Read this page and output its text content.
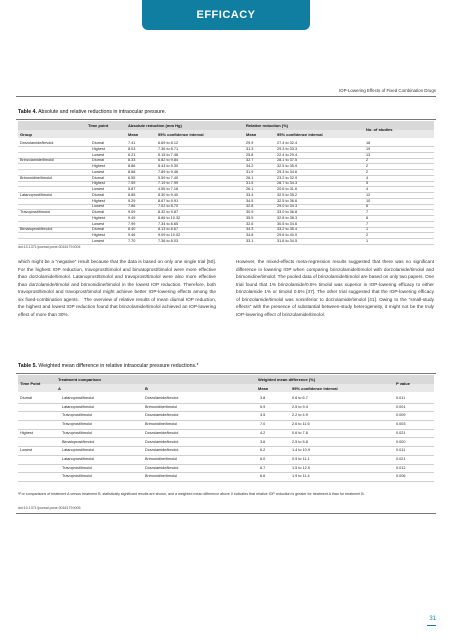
EFFICACY
IOP-Lowering Effects of Fixed Combination Drugs
Table 4. Absolute and relative reductions in intraocular pressure.
Time point	Absolute reduction (mm Hg)	Relative reduction (%)
No. of studies
Group	Mean	95% confidence interval	Mean	95% confidence interval
Dorzolamide/timolol	Diurnal	7.41	6.69 to 8.12	29.9	27.4 to 32.4	18
Highest	8.03	7.36 to 8.71	31.3	29.3 to 33.3	19
Lowest	6.21	5.15 to 7.46	25.8	22.4 to 29.4	13
Brinzolamide/timolol	Diurnal	8.33	6.82 to 9.84	32.7	28.1 to 37.5	2
Highest	8.86	8.43 to 9.30	34.2	32.5 to 35.9	2
Lowest	8.68	7.89 to 9.46	31.9	29.3 to 34.6	2
Brimonidine/timolol	Diurnal	6.55	5.59 to 7.40	26.1	23.2 to 32.9	4
Highest	7.59	7.19 to 7.99	31.5	28.7 to 34.3	5
Lowest	5.87	4.55 to 7.16	26.1	20.6 to 31.6	4
Latanoprost/timolol	Diurnal	8.85	8.30 to 9.40	33.4	32.5 to 35.2	12
Highest	9.29	8.67 to 9.91	34.5	32.5 to 36.6	10
Lowest	7.86	7.02 to 8.70	32.8	29.0 to 34.3	6
Travoprost/timolol	Diurnal	9.09	8.32 to 9.87	30.9	33.0 to 36.8	7
Highest	9.49	8.66 to 10.32	35.5	32.8 to 38.3	8
Lowest	7.99	7.34 to 8.65	32.6	30.5 to 34.6	7
Bimatoprost/timolol	Diurnal	8.40	8.13 to 8.67	34.3	33.2 to 35.4	1
Highest	9.46	9.09 to 10.02	34.8	29.6 to 40.0	2
Lowest	7.70	7.36 to 8.03	33.1	31.6 to 34.5	1
doi:10.1371/journal.pone.0016179.t004
which might be a “negative” result because that the data is based on only one single trial [50]. For the highest IOP reduction, travoprost/timolol and bimatoprost/timolol were more effective than dorzolamide/timolol. Latanoprost/timolol and travoprost/timolol were also more effective than dorzolamide/timolol and brimonidine/timolol in the lowest IOP reduction. Therefore, both travoprost/timolol and travoprost/timolol might achieve better IOP-lowering effects among the six fixed-combination agents. The overview of relative results of mean diurnal IOP reduction, the highest and lowest IOP reduction found that brinzolamide/timolol achieved an IOP-lowering effect of more than 30%.
However, the mixed-effects meta-regression results suggested that there was no significant difference in lowering IOP when comparing brinzolamide/timolol with dorzolamide/timolol and brimonidine/timolol. The pooled data of brinzolamide/timolol are based on only two papers. One trial found that 1% brinzolamide/0.5% timolol was superior in IOP-lowering efficacy to either brinzolamide 1% or timolol 0.5% [37]. The other trial suggested that the IOP-lowering efficacy of brinzolamide/timolol was noninferior to dorzolamide/timolol [41]. Owing to the “small-study effects” with the presence of substantial between-study heterogeneity, it might not be the truly IOP-lowering effect of brinzolamide/timolol.
Table 5. Weighted mean difference in relative intraocular pressure reductions.*
Time Point
Treatment comparison	Weighted mean difference (%)
P value
A	B	Mean	95% confidence interval
Diurnal	Latanoprost/timolol	Dorzolamide/timolol	3.8	0.6 to 6.7	0.011
Latanoprost/timolol	Brimonidine/timolol	5.9	2.5 to 9.4	0.001
Travoprost/timolol	Dorzolamide/timolol	3.5	2.2 to 4.9	0.009
Travoprost/timolol	Brimonidine/timolol	7.0	2.6 to 11.6	0.003
Highest	Travoprost/timolol	Dorzolamide/timolol	4.2	0.6 to 7.8	0.021
Bimatoprost/timolol	Dorzolamide/timolol	3.6	2.5 to 5.8	0.000
Lowest	Latanoprost/timolol	Dorzolamide/timolol	6.2	1.4 to 10.9	0.011
Latanoprost/timolol	Brimonidine/timolol	6.0	0.9 to 11.1	0.021
Travoprost/timolol	Dorzolamide/timolol	6.7	1.5 to 12.0	0.012
Travoprost/timolol	Brimonidine/timolol	6.6	1.9 to 11.4	0.006
*For comparisons of treatment A versus treatment B, statistically significant results are shown, and a weighted mean difference above 0 indicates that relative IOP reduction is greater for treatment A than for treatment B.
doi:10.1371/journal.pone.0016179.t005
31
